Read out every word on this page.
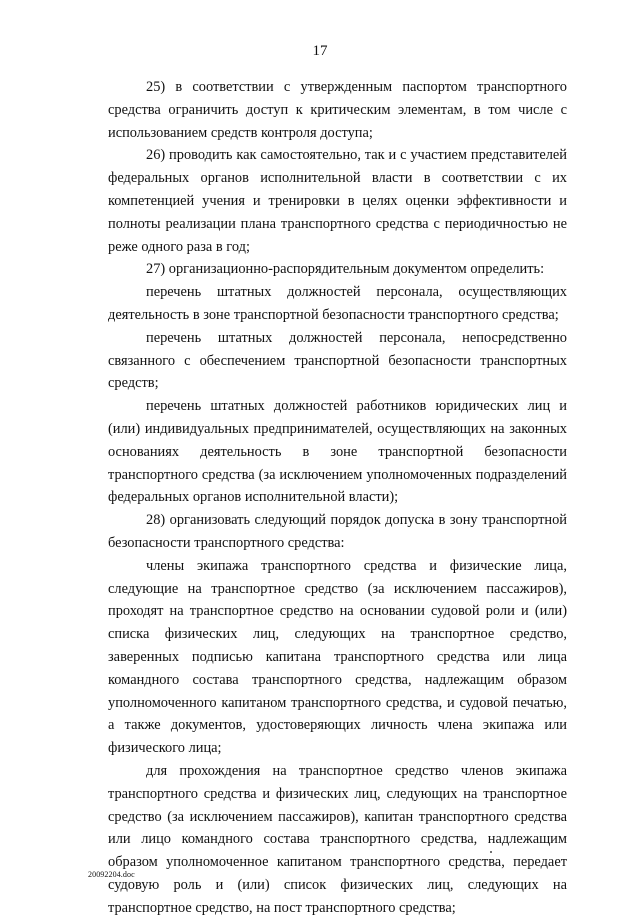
17

25) в соответствии с утвержденным паспортом транспортного средства ограничить доступ к критическим элементам, в том числе с использованием средств контроля доступа;

26) проводить как самостоятельно, так и с участием представителей федеральных органов исполнительной власти в соответствии с их компетенцией учения и тренировки в целях оценки эффективности и полноты реализации плана транспортного средства с периодичностью не реже одного раза в год;

27) организационно-распорядительным документом определить:

перечень штатных должностей персонала, осуществляющих деятельность в зоне транспортной безопасности транспортного средства;

перечень штатных должностей персонала, непосредственно связанного с обеспечением транспортной безопасности транспортных средств;

перечень штатных должностей работников юридических лиц и (или) индивидуальных предпринимателей, осуществляющих на законных основаниях деятельность в зоне транспортной безопасности транспортного средства (за исключением уполномоченных подразделений федеральных органов исполнительной власти);

28) организовать следующий порядок допуска в зону транспортной безопасности транспортного средства:

члены экипажа транспортного средства и физические лица, следующие на транспортное средство (за исключением пассажиров), проходят на транспортное средство на основании судовой роли и (или) списка физических лиц, следующих на транспортное средство, заверенных подписью капитана транспортного средства или лица командного состава транспортного средства, надлежащим образом уполномоченного капитаном транспортного средства, и судовой печатью, а также документов, удостоверяющих личность члена экипажа или физического лица;

для прохождения на транспортное средство членов экипажа транспортного средства и физических лиц, следующих на транспортное средство (за исключением пассажиров), капитан транспортного средства или лицо командного состава транспортного средства, надлежащим образом уполномоченное капитаном транспортного средства, передает судовую роль и (или) список физических лиц, следующих на транспортное средство, на пост транспортного средства;

20092204.doc
